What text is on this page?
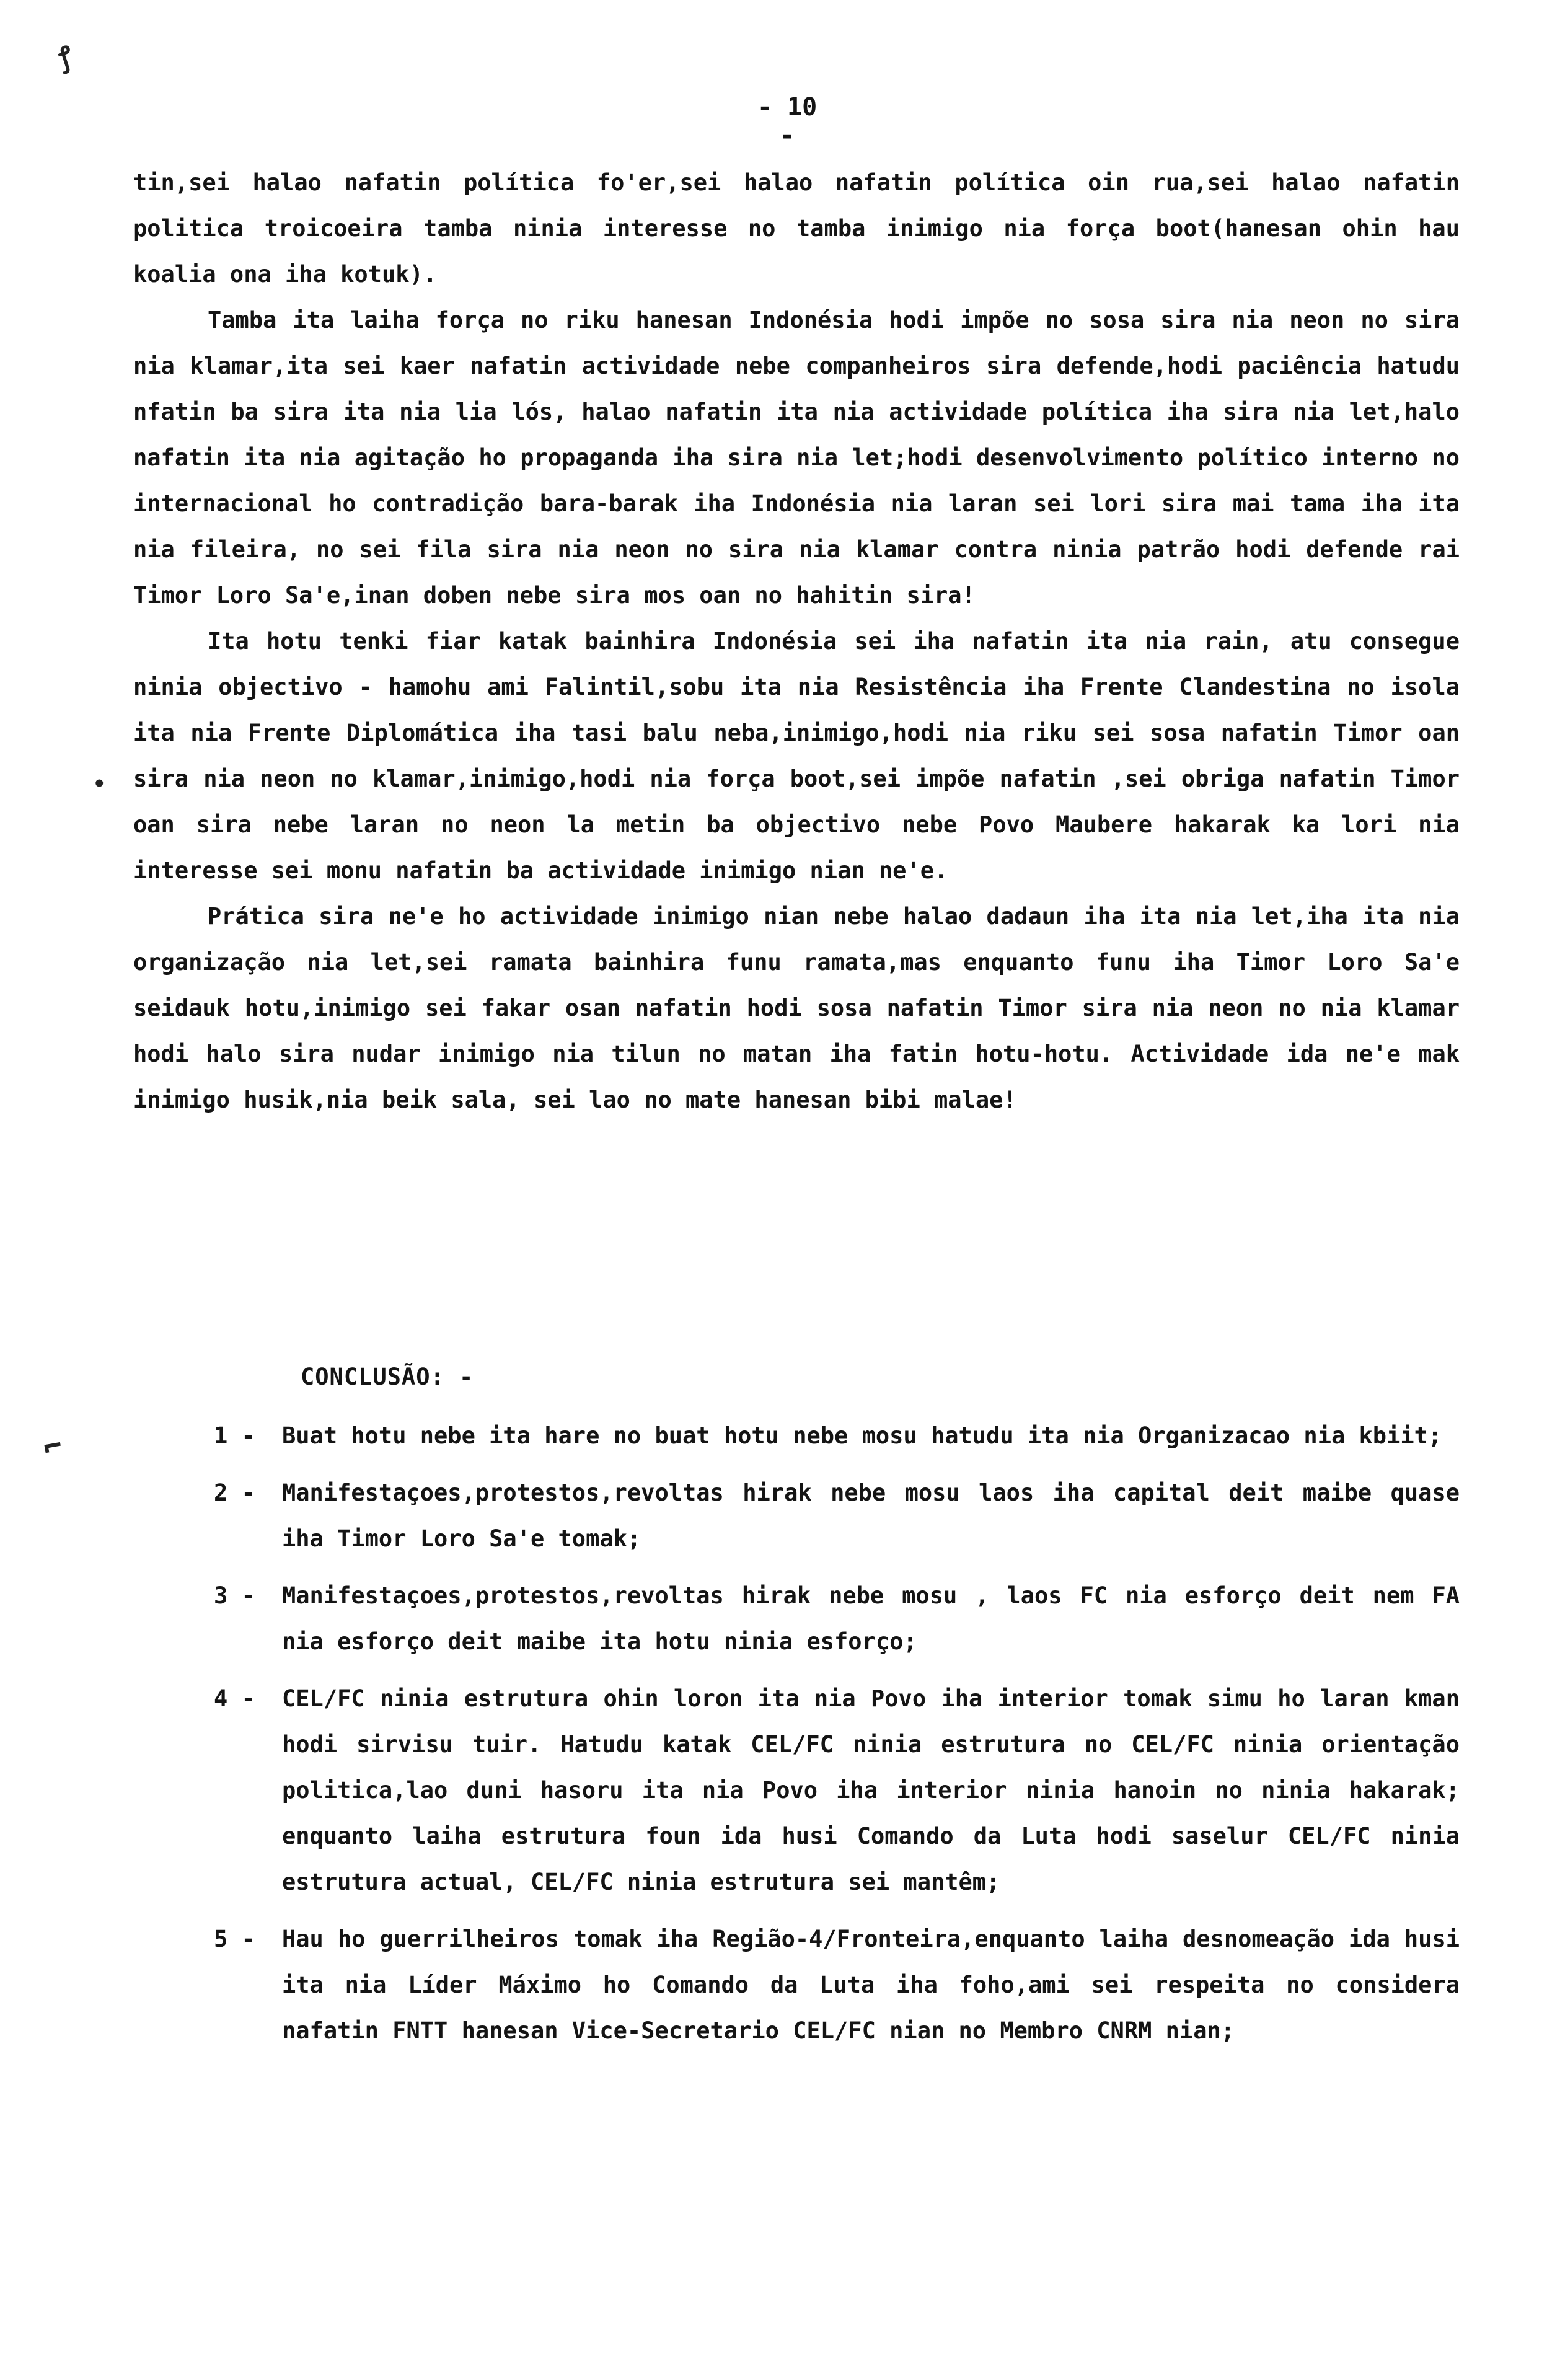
ꝭ
- 10 -

tin,sei halao nafatin política fo'er,sei halao nafatin política oin rua,sei halao nafatin politica troicoeira tamba ninia interesse no tamba inimigo nia força boot(hanesan ohin hau koalia ona iha kotuk).

Tamba ita laiha força no riku hanesan Indonésia hodi impõe no sosa sira nia neon no sira nia klamar,ita sei kaer nafatin actividade nebe companheiros sira defende,hodi paciência hatudu nfatin ba sira ita nia lia lós, halao nafatin ita nia actividade política iha sira nia let,halo nafatin ita nia agitação ho propaganda iha sira nia let;hodi desenvolvimento político interno no internacional ho contradição bara-barak iha Indonésia nia laran sei lori sira mai tama iha ita nia fileira, no sei fila sira nia neon no sira nia klamar contra ninia patrão hodi defende rai Timor Loro Sa'e,inan doben nebe sira mos oan no hahitin sira!

Ita hotu tenki fiar katak bainhira Indonésia sei iha nafatin ita nia rain, atu consegue ninia objectivo - hamohu ami Falintil,sobu ita nia Resistência iha Frente Clandestina no isola ita nia Frente Diplomática iha tasi balu neba,inimigo,hodi nia riku sei sosa nafatin Timor oan sira nia neon no klamar,inimigo,hodi nia força boot,sei impõe nafatin ,sei obriga nafatin Timor oan sira nebe laran no neon la metin ba objectivo nebe Povo Maubere hakarak ka lori nia interesse sei monu nafatin ba actividade inimigo nian ne'e.

Prática sira ne'e ho actividade inimigo nian nebe halao dadaun iha ita nia let,iha ita nia organização nia let,sei ramata bainhira funu ramata,mas enquanto funu iha Timor Loro Sa'e seidauk hotu,inimigo sei fakar osan nafatin hodi sosa nafatin Timor sira nia neon no nia klamar hodi halo sira nudar inimigo nia tilun no matan iha fatin hotu-hotu. Actividade ida ne'e mak inimigo husik,nia beik sala, sei lao no mate hanesan bibi malae!

•
CONCLUSÃO: -
⌐	1 -	Buat hotu nebe ita hare no buat hotu nebe mosu hatudu ita nia Organizacao nia kbiit;
2 -	Manifestaçoes,protestos,revoltas hirak nebe mosu laos iha capital deit maibe quase iha Timor Loro Sa'e tomak;
3 -	Manifestaçoes,protestos,revoltas hirak nebe mosu , laos FC nia esforço deit nem FA nia esforço deit maibe ita hotu ninia esforço;
4 -	CEL/FC ninia estrutura ohin loron ita nia Povo iha interior tomak simu ho laran kman hodi sirvisu tuir. Hatudu katak CEL/FC ninia estrutura no CEL/FC ninia orientação politica,lao duni hasoru ita nia Povo iha interior ninia hanoin no ninia hakarak; enquanto laiha estrutura foun ida husi Comando da Luta hodi saselur CEL/FC ninia estrutura actual, CEL/FC ninia estrutura sei mantêm;
5 -	Hau ho guerrilheiros tomak iha Região-4/Fronteira,enquanto laiha desnomeação ida husi ita nia Líder Máximo ho Comando da Luta iha foho,ami sei respeita no considera nafatin FNTT hanesan Vice-Secretario CEL/FC nian no Membro CNRM nian;
